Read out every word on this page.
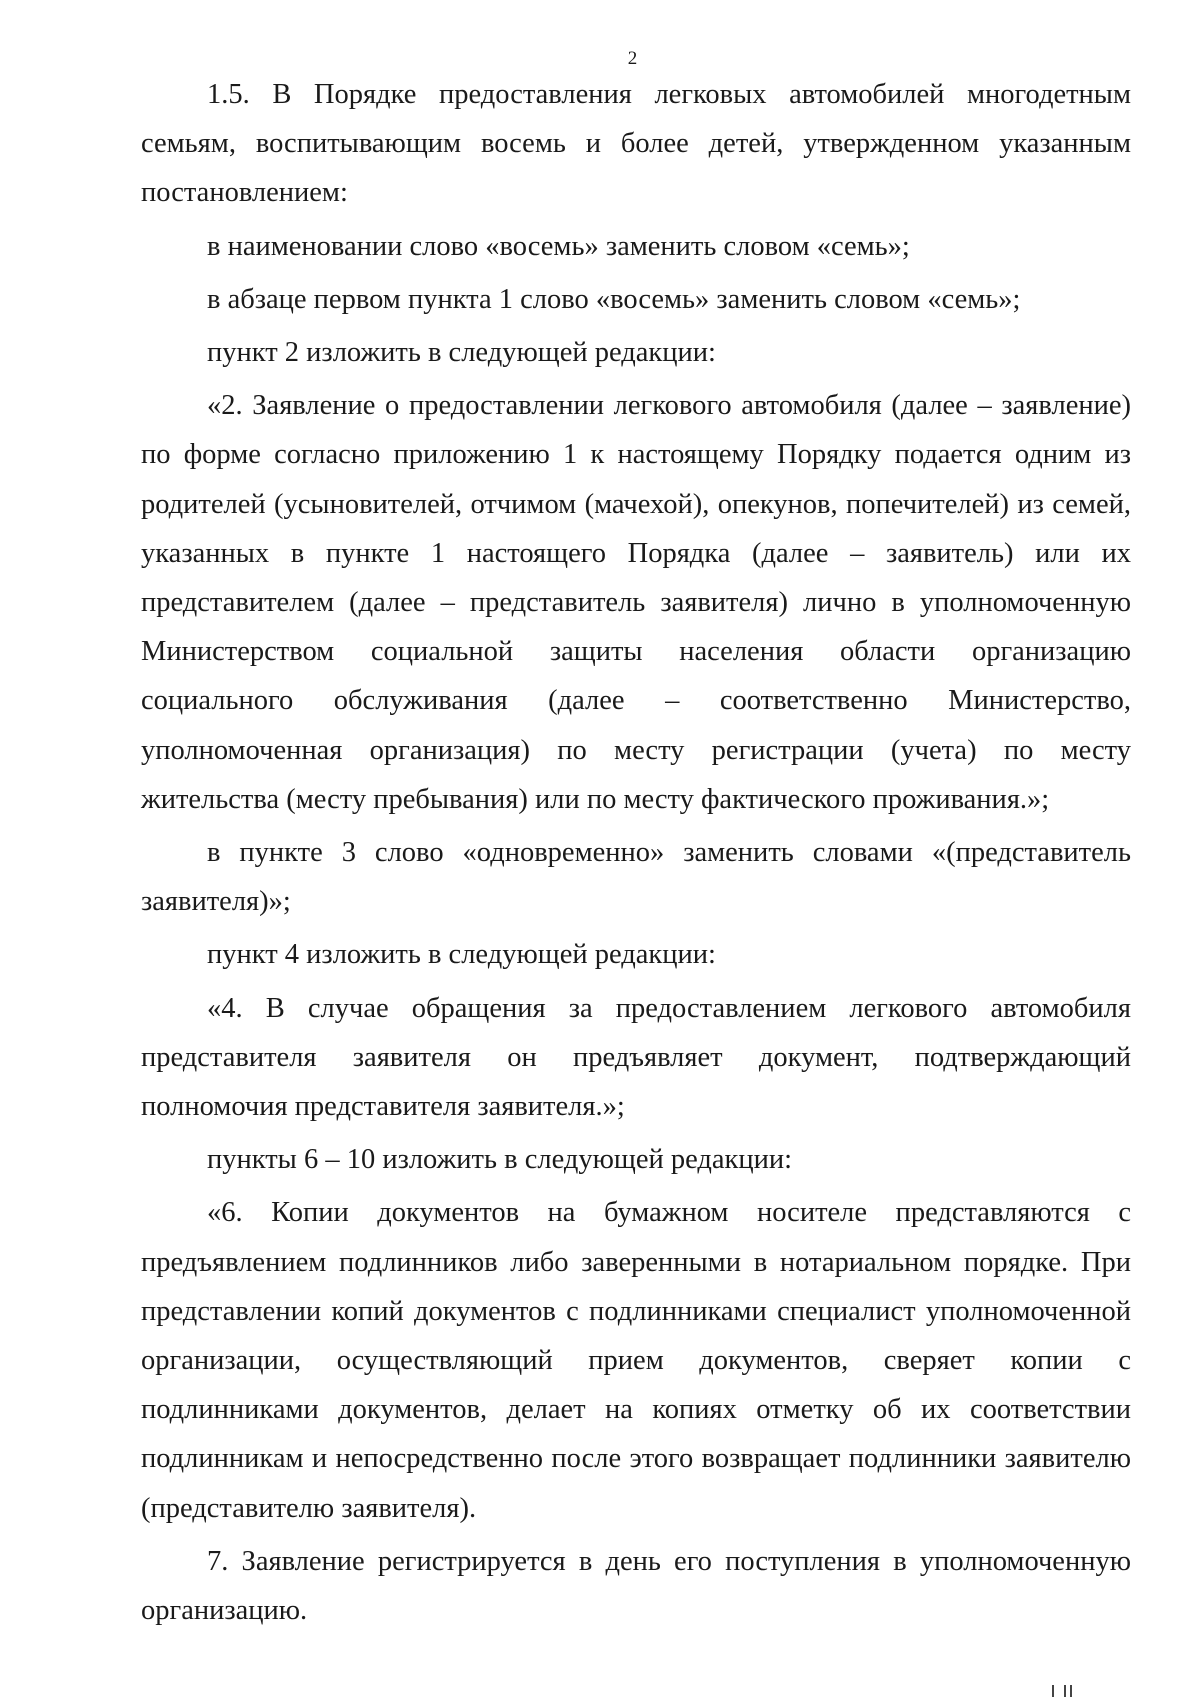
2

1.5. В Порядке предоставления легковых автомобилей многодетным семьям, воспитывающим восемь и более детей, утвержденном указанным постановлением:

в наименовании слово «восемь» заменить словом «семь»;

в абзаце первом пункта 1 слово «восемь» заменить словом «семь»;

пункт 2 изложить в следующей редакции:

«2. Заявление о предоставлении легкового автомобиля (далее – заявление) по форме согласно приложению 1 к настоящему Порядку подается одним из родителей (усыновителей, отчимом (мачехой), опекунов, попечителей) из семей, указанных в пункте 1 настоящего Порядка (далее – заявитель) или их представителем (далее – представитель заявителя) лично в уполномоченную Министерством социальной защиты населения области организацию социального обслуживания (далее – соответственно Министерство, уполномоченная организация) по месту регистрации (учета) по месту жительства (месту пребывания) или по месту фактического проживания.»;

в пункте 3 слово «одновременно» заменить словами «(представитель заявителя)»;

пункт 4 изложить в следующей редакции:

«4. В случае обращения за предоставлением легкового автомобиля представителя заявителя он предъявляет документ, подтверждающий полномочия представителя заявителя.»;

пункты 6 – 10 изложить в следующей редакции:

«6. Копии документов на бумажном носителе представляются с предъявлением подлинников либо заверенными в нотариальном порядке. При представлении копий документов с подлинниками специалист уполномоченной организации, осуществляющий прием документов, сверяет копии с подлинниками документов, делает на копиях отметку об их соответствии подлинникам и непосредственно после этого возвращает подлинники заявителю (представителю заявителя).

7. Заявление регистрируется в день его поступления в уполномоченную организацию.
